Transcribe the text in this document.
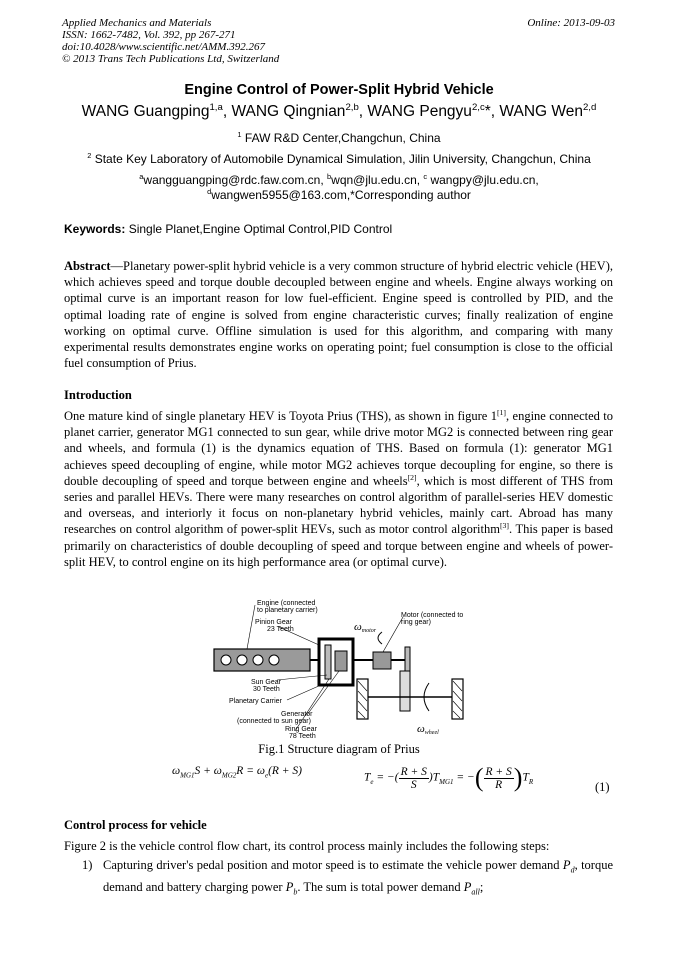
Applied Mechanics and Materials
ISSN: 1662-7482, Vol. 392, pp 267-271
doi:10.4028/www.scientific.net/AMM.392.267
© 2013 Trans Tech Publications Ltd, Switzerland
Online: 2013-09-03
Engine Control of Power-Split Hybrid Vehicle
WANG Guangping$^{1,a}$, WANG Qingnian$^{2,b}$, WANG Pengyu$^{2,c}$*, WANG Wen$^{2,d}$
$^1$ FAW R&D Center,Changchun, China
$^2$ State Key Laboratory of Automobile Dynamical Simulation, Jilin University, Changchun, China
$^a$wangguangping@rdc.faw.com.cn, $^b$wqn@jlu.edu.cn, $^c$ wangpy@jlu.edu.cn,
$^d$wangwen5955@163.com,*Corresponding author
Keywords: Single Planet,Engine Optimal Control,PID Control
Abstract—Planetary power-split hybrid vehicle is a very common structure of hybrid electric vehicle (HEV), which achieves speed and torque double decoupled between engine and wheels. Engine always working on optimal curve is an important reason for low fuel-efficient. Engine speed is controlled by PID, and the optimal loading rate of engine is solved from engine characteristic curves; finally realization of engine working on optimal curve. Offline simulation is used for this algorithm, and comparing with many experimental results demonstrates engine works on operating point; fuel consumption is close to the official fuel consumption of Prius.
Introduction
One mature kind of single planetary HEV is Toyota Prius (THS), as shown in figure 1[1], engine connected to planet carrier, generator MG1 connected to sun gear, while drive motor MG2 is connected between ring gear and wheels, and formula (1) is the dynamics equation of THS. Based on formula (1): generator MG1 achieves speed decoupling of engine, while motor MG2 achieves torque decoupling for engine, so there is double decoupling of speed and torque between engine and wheels[2], which is most different of THS from series and parallel HEVs. There were many researches on control algorithm of parallel-series HEV domestic and overseas, and interiorly it focus on non-planetary hybrid vehicles, mainly cart. Abroad has many researches on control algorithm of power-split HEVs, such as motor control algorithm[3]. This paper is based primarily on characteristics of double decoupling of speed and torque between engine and wheels of power-split HEV, to control engine on its high performance area (or optimal curve).
Engine (connected
to planetary carrier)
Pinion Gear
23 Teeth	ωmotor
Motor (connected to
ring gear)
Sun Gear
30 Teeth
Planetary Carrier
Generator
(connected to sun gear)
Ring Gear
78 Teeth
ωwheel
Fig.1 Structure diagram of Prius
$\omega_{MG1}S + \omega_{MG2}R = \omega_e(R + S)$
$T_e$ = −( $\frac{R + S}{S} )T_{MG1}$ = −( $\frac{R + S}{R} )T_R$	(1)
Control process for vehicle
Figure 2 is the vehicle control flow chart, its control process mainly includes the following steps:
1) Capturing driver's pedal position and motor speed is to estimate the vehicle power demand $P_d$, torque demand and battery charging power $P_b$. The sum is total power demand $P_{all}$;
